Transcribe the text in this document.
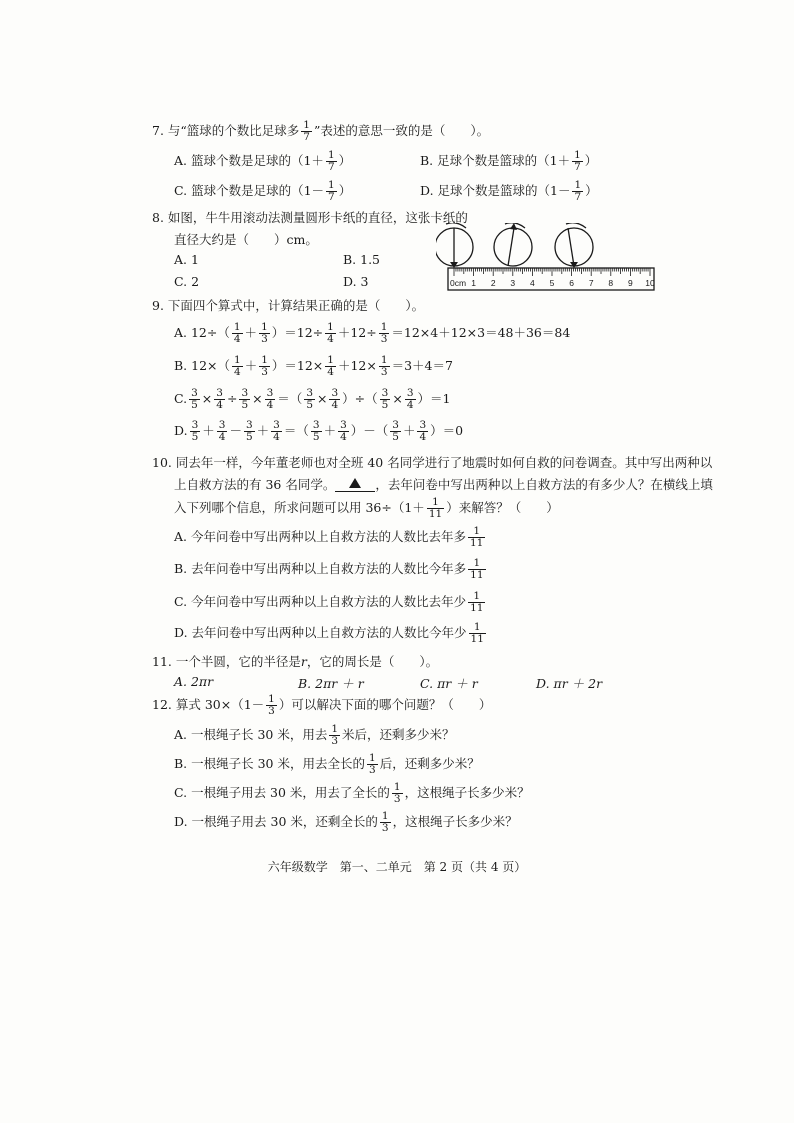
7. 与“篮球的个数比足球多 $\frac{1}{7}$ ”表述的意思一致的是（　　）。
A. 篮球个数是足球的（$1+ \frac{1}{7}$ ）	B. 足球个数是篮球的（$1+ \frac{1}{7}$ ）
C. 篮球个数是足球的（$1- \frac{1}{7}$ ）	D. 足球个数是篮球的（$1- \frac{1}{7}$ ）
8. 如图，牛牛用滚动法测量圆形卡纸的直径，这张卡纸的
直径大约是（　　）cm。
A. 1	B. 1.5
C. 2	D. 3	0cm 1 2 3 4 5 6 7 8 9 10
9. 下面四个算式中，计算结果正确的是（　　）。
A. $12\div( \frac{1}{4} + \frac{1}{3} )=12\div \frac{1}{4} +12\div \frac{1}{3} =12\times 4+12\times 3=48+36=84$
B. $12\times( \frac{1}{4} + \frac{1}{3} )=12\times \frac{1}{4} +12\times \frac{1}{3} =3+4=7$
C. $\frac{3}{5} \times \frac{3}{4} \div \frac{3}{5} \times \frac{3}{4}$ ＝（ $\frac{3}{5} \times \frac{3}{4}$ ）÷（ $\frac{3}{5} \times \frac{3}{4} )=1$
D. $\frac{3}{5} + \frac{3}{4} - \frac{3}{5} + \frac{3}{4}$ ＝（ $\frac{3}{5} + \frac{3}{4}$ ）－（ $\frac{3}{5} + \frac{3}{4} )=0$
10. 同去年一样，今年董老师也对全班 40 名同学进行了地震时如何自救的问卷调查。其中写出两种以
上自救方法的有 36 名同学。	，去年问卷中写出两种以上自救方法的有多少人？在横线上填
入下列哪个信息，所求问题可以用 $36\div(1+ \frac{1}{11}$ ）来解答？（　　）
A. 今年问卷中写出两种以上自救方法的人数比去年多 $\frac{1}{11}$
B. 去年问卷中写出两种以上自救方法的人数比今年多 $\frac{1}{11}$
C. 今年问卷中写出两种以上自救方法的人数比去年少 $\frac{1}{11}$
D. 去年问卷中写出两种以上自救方法的人数比今年少 $\frac{1}{11}$
11. 一个半圆，它的半径是r，它的周长是（　　）。
A. 2πr	B. 2πr ＋ r	C. πr ＋ r	D. πr ＋ 2r
12. 算式 $30\times(1- \frac{1}{3}$ ）可以解决下面的哪个问题？（　　）
A. 一根绳子长 30 米，用去 $\frac{1}{3}$ 米后，还剩多少米？
B. 一根绳子长 30 米，用去全长的 $\frac{1}{3}$ 后，还剩多少米？
C. 一根绳子用去 30 米，用去了全长的 $\frac{1}{3}$ ，这根绳子长多少米？
D. 一根绳子用去 30 米，还剩全长的 $\frac{1}{3}$ ，这根绳子长多少米？
六年级数学　第一、二单元　第 2 页（共 4 页）
